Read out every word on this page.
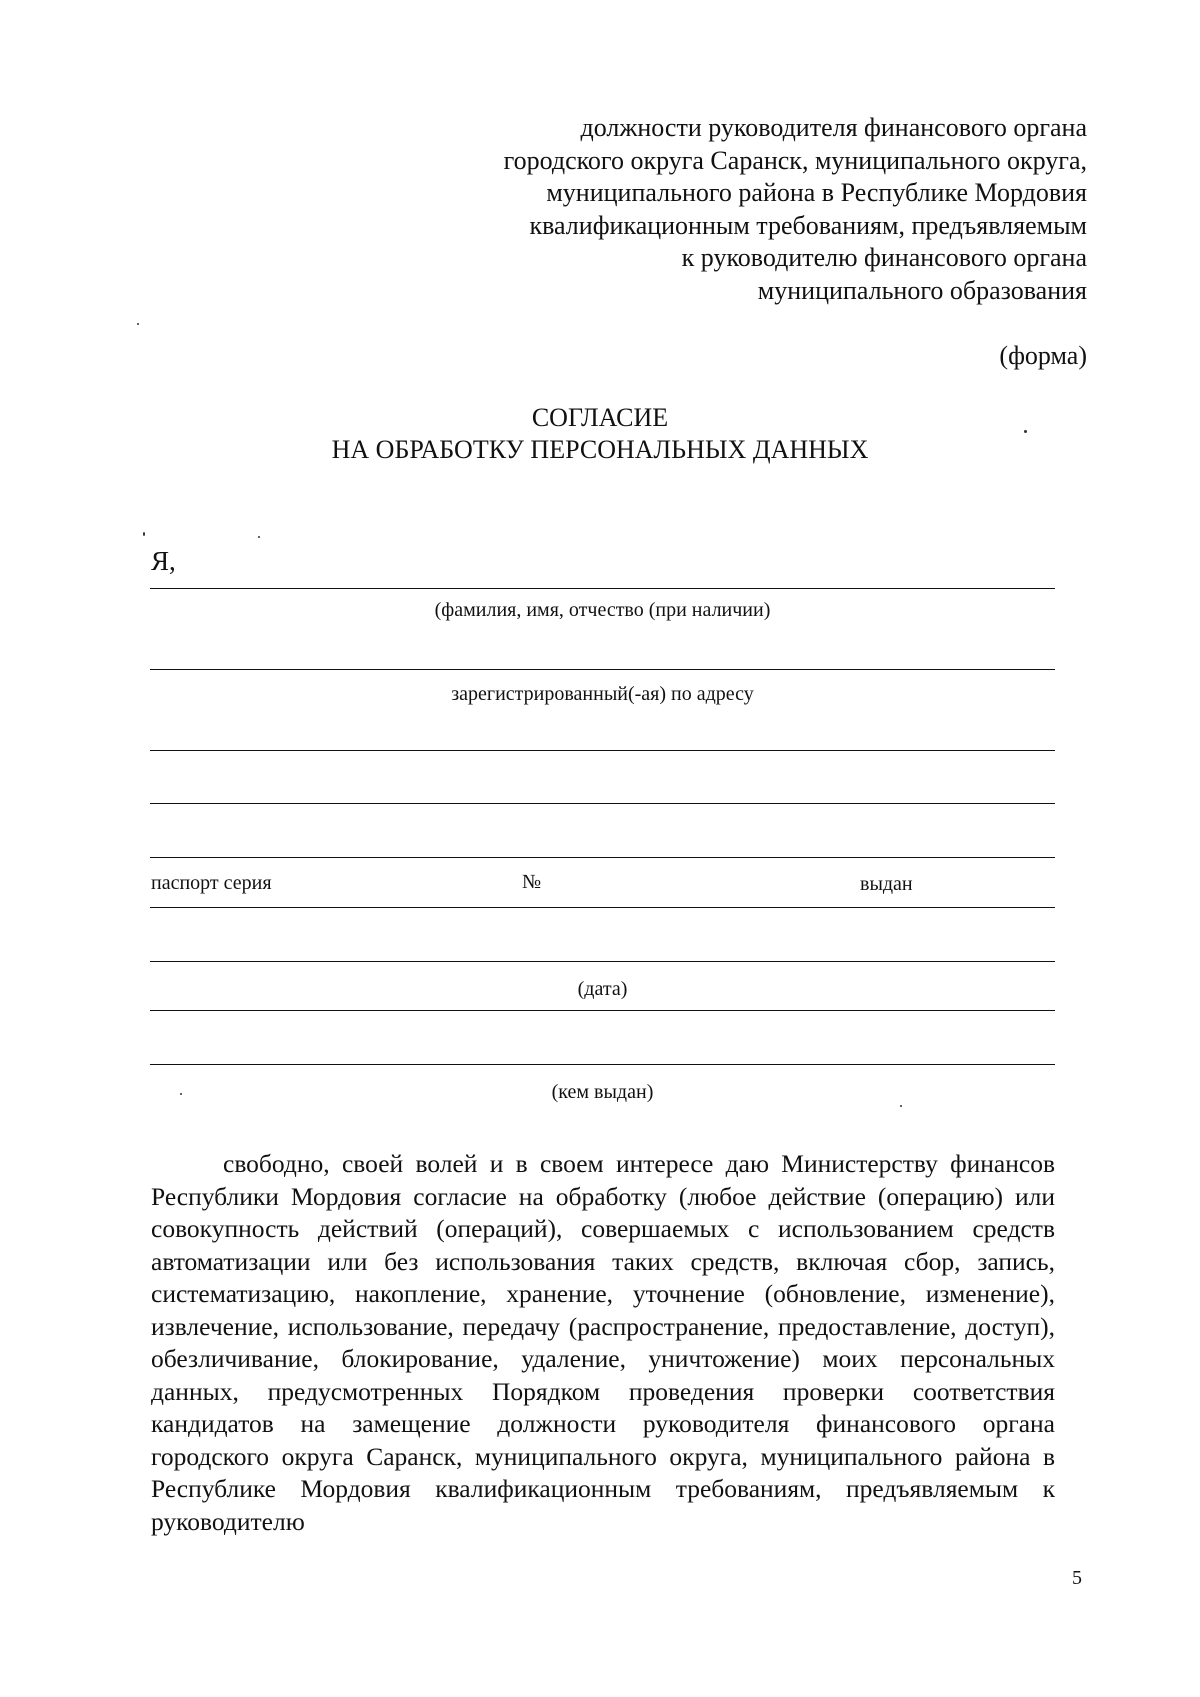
должности руководителя финансового органа
городского округа Саранск, муниципального округа,
муниципального района в Республике Мордовия
квалификационным требованиям, предъявляемым
к руководителю финансового органа
муниципального образования
(форма)
СОГЛАСИЕ
НА ОБРАБОТКУ ПЕРСОНАЛЬНЫХ ДАННЫХ
Я,
(фамилия, имя, отчество (при наличии)
зарегистрированный(-ая) по адресу
паспорт серия	№	выдан
(дата)
(кем выдан)
свободно, своей волей и в своем интересе даю Министерству финансов Республики Мордовия согласие на обработку (любое действие (операцию) или совокупность действий (операций), совершаемых с использованием средств автоматизации или без использования таких средств, включая сбор, запись, систематизацию, накопление, хранение, уточнение (обновление, изменение), извлечение, использование, передачу (распространение, предоставление, доступ), обезличивание, блокирование, удаление, уничтожение) моих персональных данных, предусмотренных Порядком проведения проверки соответствия кандидатов на замещение должности руководителя финансового органа городского округа Саранск, муниципального округа, муниципального района в Республике Мордовия квалификационным требованиям, предъявляемым к руководителю
5
